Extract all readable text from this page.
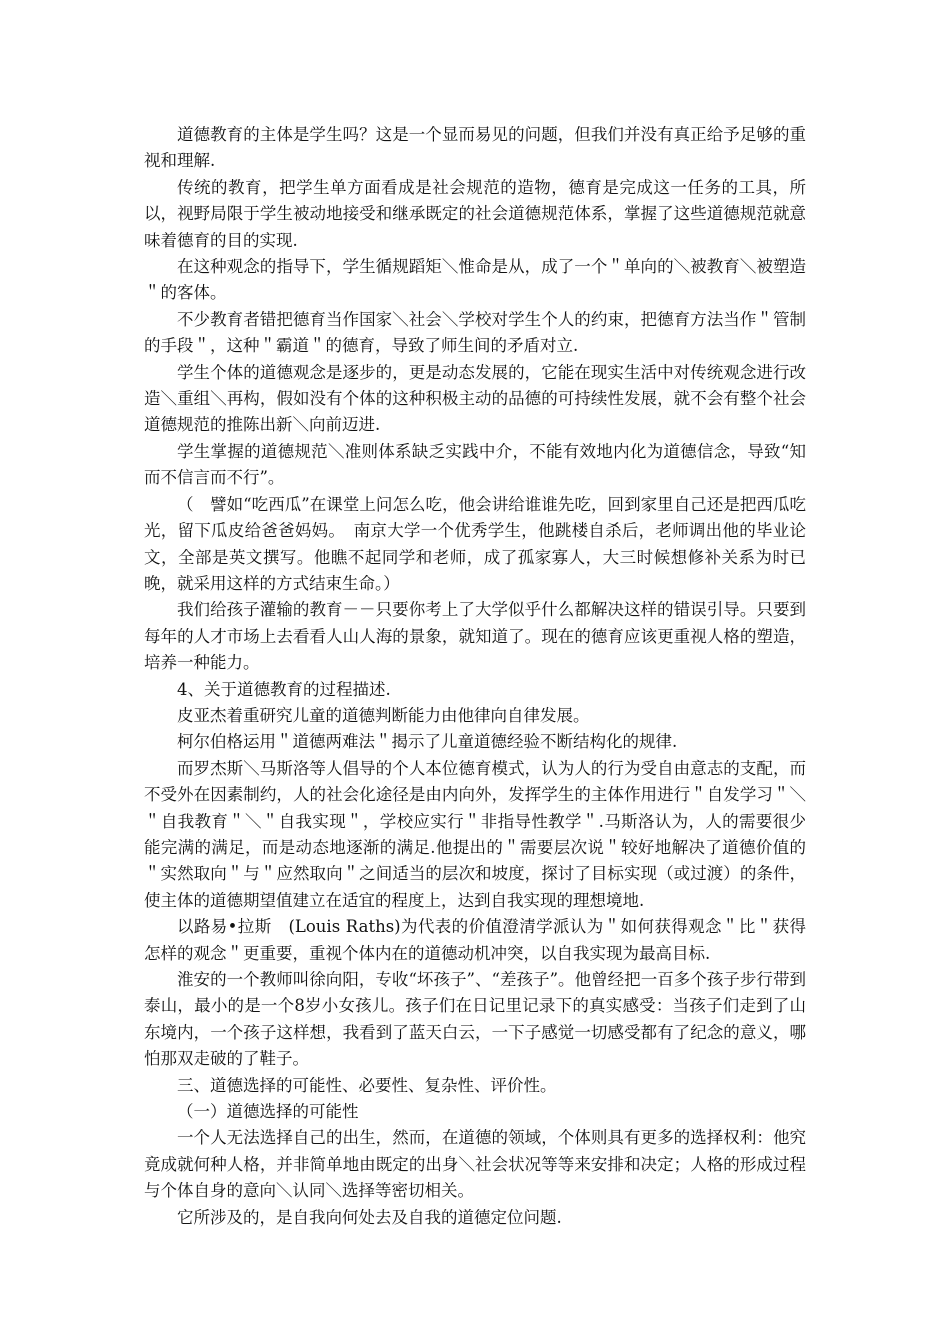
道德教育的主体是学生吗？这是一个显而易见的问题，但我们并没有真正给予足够的重视和理解.

传统的教育，把学生单方面看成是社会规范的造物，德育是完成这一任务的工具，所以，视野局限于学生被动地接受和继承既定的社会道德规范体系，掌握了这些道德规范就意味着德育的目的实现.

在这种观念的指导下，学生循规蹈矩＼惟命是从，成了一个＂单向的＼被教育＼被塑造＂的客体。

不少教育者错把德育当作国家＼社会＼学校对学生个人的约束，把德育方法当作＂管制的手段＂，这种＂霸道＂的德育，导致了师生间的矛盾对立.

学生个体的道德观念是逐步的，更是动态发展的，它能在现实生活中对传统观念进行改造＼重组＼再构，假如没有个体的这种积极主动的品德的可持续性发展，就不会有整个社会道德规范的推陈出新＼向前迈进.

学生掌握的道德规范＼准则体系缺乏实践中介，不能有效地内化为道德信念，导致“知而不信言而不行”。

（　譬如“吃西瓜”在课堂上问怎么吃，他会讲给谁谁先吃，回到家里自己还是把西瓜吃光，留下瓜皮给爸爸妈妈。　南京大学一个优秀学生，他跳楼自杀后，老师调出他的毕业论文，全部是英文撰写。他瞧不起同学和老师，成了孤家寡人，大三时候想修补关系为时已晚，就采用这样的方式结束生命。）

我们给孩子灌输的教育－－只要你考上了大学似乎什么都解决这样的错误引导。只要到每年的人才市场上去看看人山人海的景象，就知道了。现在的德育应该更重视人格的塑造，培养一种能力。

4、关于道德教育的过程描述.

皮亚杰着重研究儿童的道德判断能力由他律向自律发展。

柯尔伯格运用＂道德两难法＂揭示了儿童道德经验不断结构化的规律.

而罗杰斯＼马斯洛等人倡导的个人本位德育模式，认为人的行为受自由意志的支配，而不受外在因素制约，人的社会化途径是由内向外，发挥学生的主体作用进行＂自发学习＂＼＂自我教育＂＼＂自我实现＂，学校应实行＂非指导性教学＂.马斯洛认为，人的需要很少能完满的满足，而是动态地逐渐的满足.他提出的＂需要层次说＂较好地解决了道德价值的＂实然取向＂与＂应然取向＂之间适当的层次和坡度，探讨了目标实现（或过渡）的条件，使主体的道德期望值建立在适宜的程度上，达到自我实现的理想境地.

以路易•拉斯　(Louis Raths)为代表的价值澄清学派认为＂如何获得观念＂比＂获得怎样的观念＂更重要，重视个体内在的道德动机冲突，以自我实现为最高目标.

淮安的一个教师叫徐向阳，专收“坏孩子”、“差孩子”。他曾经把一百多个孩子步行带到泰山，最小的是一个8岁小女孩儿。孩子们在日记里记录下的真实感受：当孩子们走到了山东境内，一个孩子这样想，我看到了蓝天白云，一下子感觉一切感受都有了纪念的意义，哪怕那双走破的了鞋子。

三、道德选择的可能性、必要性、复杂性、评价性。

（一）道德选择的可能性

一个人无法选择自己的出生，然而，在道德的领域，个体则具有更多的选择权利：他究竟成就何种人格，并非简单地由既定的出身＼社会状况等等来安排和决定；人格的形成过程与个体自身的意向＼认同＼选择等密切相关。

它所涉及的，是自我向何处去及自我的道德定位问题.
